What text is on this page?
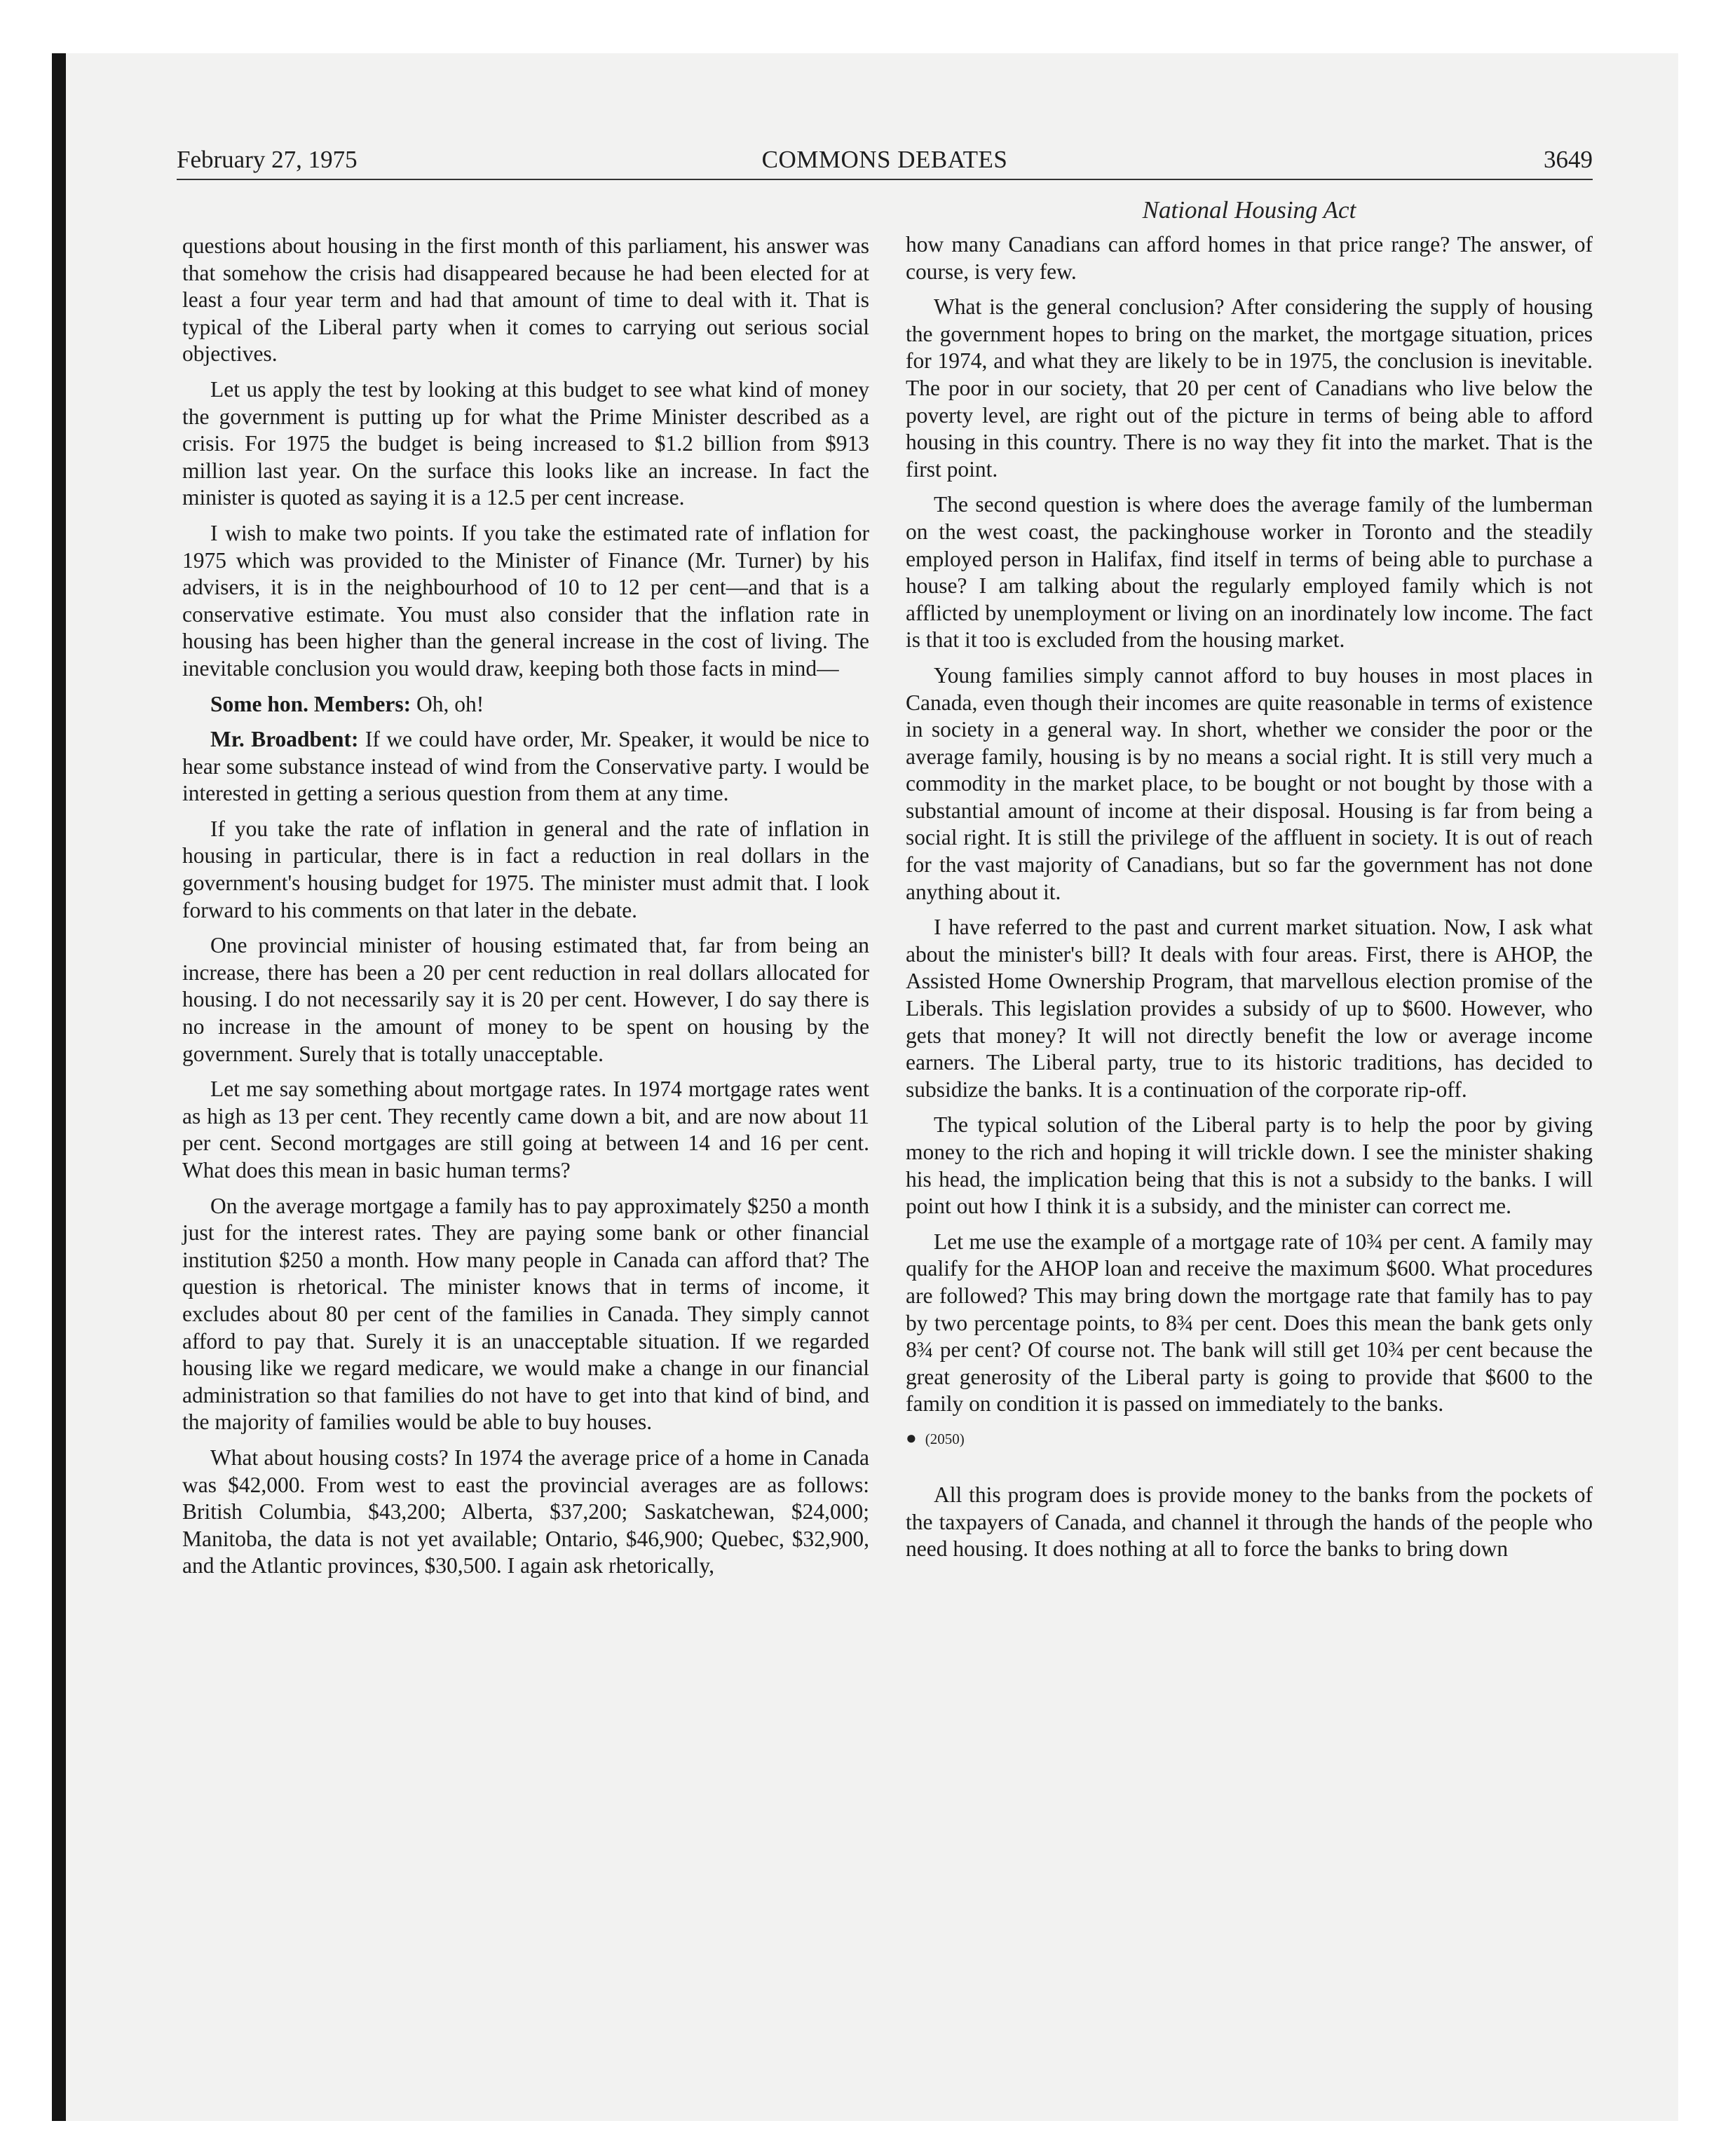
COMMONS DEBATES
February 27, 1975	3649
National Housing Act

questions about housing in the first month of this parliament, his answer was that somehow the crisis had disappeared because he had been elected for at least a four year term and had that amount of time to deal with it. That is typical of the Liberal party when it comes to carrying out serious social objectives.

Let us apply the test by looking at this budget to see what kind of money the government is putting up for what the Prime Minister described as a crisis. For 1975 the budget is being increased to $1.2 billion from $913 million last year. On the surface this looks like an increase. In fact the minister is quoted as saying it is a 12.5 per cent increase.

I wish to make two points. If you take the estimated rate of inflation for 1975 which was provided to the Minister of Finance (Mr. Turner) by his advisers, it is in the neighbourhood of 10 to 12 per cent—and that is a conservative estimate. You must also consider that the inflation rate in housing has been higher than the general increase in the cost of living. The inevitable conclusion you would draw, keeping both those facts in mind—

Some hon. Members: Oh, oh!

Mr. Broadbent: If we could have order, Mr. Speaker, it would be nice to hear some substance instead of wind from the Conservative party. I would be interested in getting a serious question from them at any time.

If you take the rate of inflation in general and the rate of inflation in housing in particular, there is in fact a reduction in real dollars in the government's housing budget for 1975. The minister must admit that. I look forward to his comments on that later in the debate.

One provincial minister of housing estimated that, far from being an increase, there has been a 20 per cent reduction in real dollars allocated for housing. I do not necessarily say it is 20 per cent. However, I do say there is no increase in the amount of money to be spent on housing by the government. Surely that is totally unacceptable.

Let me say something about mortgage rates. In 1974 mortgage rates went as high as 13 per cent. They recently came down a bit, and are now about 11 per cent. Second mortgages are still going at between 14 and 16 per cent. What does this mean in basic human terms?

On the average mortgage a family has to pay approximately $250 a month just for the interest rates. They are paying some bank or other financial institution $250 a month. How many people in Canada can afford that? The question is rhetorical. The minister knows that in terms of income, it excludes about 80 per cent of the families in Canada. They simply cannot afford to pay that. Surely it is an unacceptable situation. If we regarded housing like we regard medicare, we would make a change in our financial administration so that families do not have to get into that kind of bind, and the majority of families would be able to buy houses.

What about housing costs? In 1974 the average price of a home in Canada was $42,000. From west to east the provincial averages are as follows: British Columbia, $43,200; Alberta, $37,200; Saskatchewan, $24,000; Manitoba, the data is not yet available; Ontario, $46,900; Quebec, $32,900, and the Atlantic provinces, $30,500. I again ask rhetorically,

how many Canadians can afford homes in that price range? The answer, of course, is very few.

What is the general conclusion? After considering the supply of housing the government hopes to bring on the market, the mortgage situation, prices for 1974, and what they are likely to be in 1975, the conclusion is inevitable. The poor in our society, that 20 per cent of Canadians who live below the poverty level, are right out of the picture in terms of being able to afford housing in this country. There is no way they fit into the market. That is the first point.

The second question is where does the average family of the lumberman on the west coast, the packinghouse worker in Toronto and the steadily employed person in Halifax, find itself in terms of being able to purchase a house? I am talking about the regularly employed family which is not afflicted by unemployment or living on an inordinately low income. The fact is that it too is excluded from the housing market.

Young families simply cannot afford to buy houses in most places in Canada, even though their incomes are quite reasonable in terms of existence in society in a general way. In short, whether we consider the poor or the average family, housing is by no means a social right. It is still very much a commodity in the market place, to be bought or not bought by those with a substantial amount of income at their disposal. Housing is far from being a social right. It is still the privilege of the affluent in society. It is out of reach for the vast majority of Canadians, but so far the government has not done anything about it.

I have referred to the past and current market situation. Now, I ask what about the minister's bill? It deals with four areas. First, there is AHOP, the Assisted Home Ownership Program, that marvellous election promise of the Liberals. This legislation provides a subsidy of up to $600. However, who gets that money? It will not directly benefit the low or average income earners. The Liberal party, true to its historic traditions, has decided to subsidize the banks. It is a continuation of the corporate rip-off.

The typical solution of the Liberal party is to help the poor by giving money to the rich and hoping it will trickle down. I see the minister shaking his head, the implication being that this is not a subsidy to the banks. I will point out how I think it is a subsidy, and the minister can correct me.

Let me use the example of a mortgage rate of 10¾ per cent. A family may qualify for the AHOP loan and receive the maximum $600. What procedures are followed? This may bring down the mortgage rate that family has to pay by two percentage points, to 8¾ per cent. Does this mean the bank gets only 8¾ per cent? Of course not. The bank will still get 10¾ per cent because the great generosity of the Liberal party is going to provide that $600 to the family on condition it is passed on immediately to the banks.

● (2050)

All this program does is provide money to the banks from the pockets of the taxpayers of Canada, and channel it through the hands of the people who need housing. It does nothing at all to force the banks to bring down
